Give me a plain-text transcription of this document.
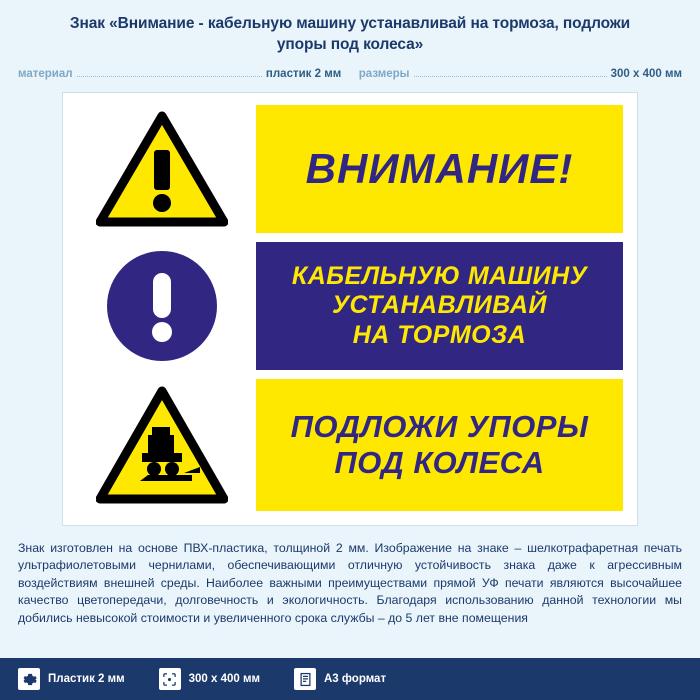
Знак «Внимание - кабельную машину устанавливай на тормоза, подложи упоры под колеса»
материал	пластик 2 мм размеры	300 x 400 мм
ВНИМАНИЕ!
КАБЕЛЬНУЮ МАШИНУ
УСТАНАВЛИВАЙ
НА ТОРМОЗА
ПОДЛОЖИ УПОРЫ
ПОД КОЛЕСА
Знак изготовлен на основе ПВХ-пластика, толщиной 2 мм. Изображение на знаке – шелкотрафаретная печать ультрафиолетовыми чернилами, обеспечивающими отличную устойчивость знака даже к агрессивным воздействиям внешней среды. Наиболее важными преимуществами прямой УФ печати являются высочайшее качество цветопередачи, долговечность и экологичность. Благодаря использованию данной технологии мы добились невысокой стоимости и увеличенного срока службы – до 5 лет вне помещения
Пластик 2 мм	300 x 400 мм	A3 формат
